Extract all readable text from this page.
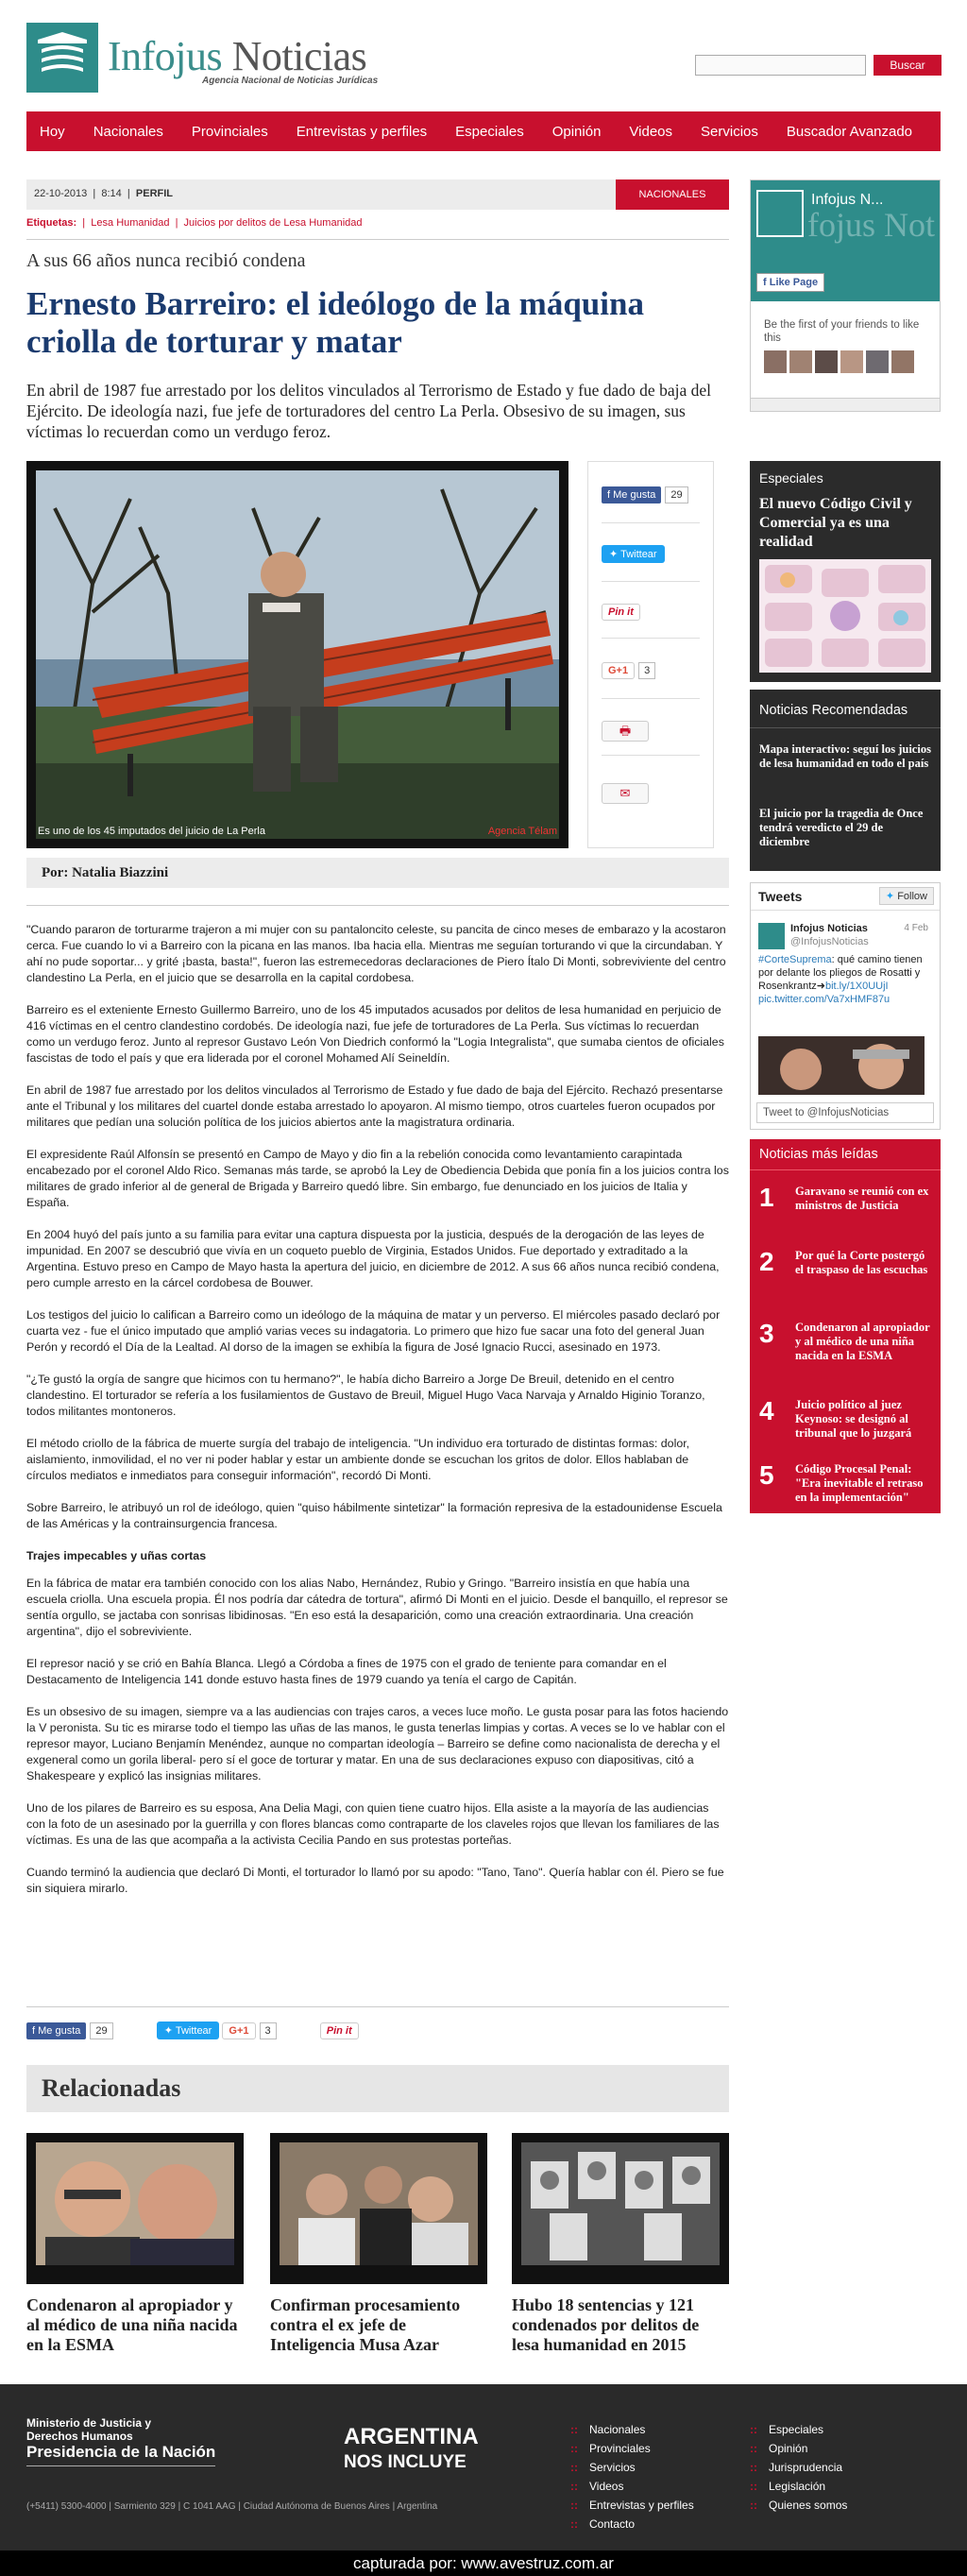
Infojus Noticias
Agencia Nacional de Noticias Jurídicas
Buscar
Hoy Nacionales Provinciales Entrevistas y perfiles Especiales Opinión Videos Servicios Buscador Avanzado
22-10-2013  |  8:14  |  PERFIL	NACIONALES
Etiquetas:  |  Lesa Humanidad  |  Juicios por delitos de Lesa Humanidad
A sus 66 años nunca recibió condena
Ernesto Barreiro: el ideólogo de la máquina criolla de torturar y matar
En abril de 1987 fue arrestado por los delitos vinculados al Terrorismo de Estado y fue dado de baja del Ejército. De ideología nazi, fue jefe de torturadores del centro La Perla. Obsesivo de su imagen, sus víctimas lo recuerdan como un verdugo feroz.
Es uno de los 45 imputados del juicio de La Perla	Agencia Télam
f Me gusta 29
✦ Twittear
Pin it
G+1 3
🖶
✉
Por: Natalia Biazzini

"Cuando pararon de torturarme trajeron a mi mujer con su pantaloncito celeste, su pancita de cinco meses de embarazo y la acostaron cerca. Fue cuando lo vi a Barreiro con la picana en las manos. Iba hacia ella. Mientras me seguían torturando vi que la circundaban. Y ahí no pude soportar... y grité ¡basta, basta!", fueron las estremecedoras declaraciones de Piero Ítalo Di Monti, sobreviviente del centro clandestino La Perla, en el juicio que se desarrolla en la capital cordobesa.

Barreiro es el exteniente Ernesto Guillermo Barreiro, uno de los 45 imputados acusados por delitos de lesa humanidad en perjuicio de 416 víctimas en el centro clandestino cordobés. De ideología nazi, fue jefe de torturadores de La Perla. Sus víctimas lo recuerdan como un verdugo feroz. Junto al represor Gustavo León Von Diedrich conformó la "Logia Integralista", que sumaba cientos de oficiales fascistas de todo el país y que era liderada por el coronel Mohamed Alí Seineldín.

En abril de 1987 fue arrestado por los delitos vinculados al Terrorismo de Estado y fue dado de baja del Ejército. Rechazó presentarse ante el Tribunal y los militares del cuartel donde estaba arrestado lo apoyaron. Al mismo tiempo, otros cuarteles fueron ocupados por militares que pedían una solución política de los juicios abiertos ante la magistratura ordinaria.

El expresidente Raúl Alfonsín se presentó en Campo de Mayo y dio fin a la rebelión conocida como levantamiento carapintada encabezado por el coronel Aldo Rico. Semanas más tarde, se aprobó la Ley de Obediencia Debida que ponía fin a los juicios contra los militares de grado inferior al de general de Brigada y Barreiro quedó libre. Sin embargo, fue denunciado en los juicios de Italia y España.

En 2004 huyó del país junto a su familia para evitar una captura dispuesta por la justicia, después de la derogación de las leyes de impunidad. En 2007 se descubrió que vivía en un coqueto pueblo de Virginia, Estados Unidos. Fue deportado y extraditado a la Argentina. Estuvo preso en Campo de Mayo hasta la apertura del juicio, en diciembre de 2012. A sus 66 años nunca recibió condena, pero cumple arresto en la cárcel cordobesa de Bouwer.

Los testigos del juicio lo califican a Barreiro como un ideólogo de la máquina de matar y un perverso. El miércoles pasado declaró por cuarta vez - fue el único imputado que amplió varias veces su indagatoria. Lo primero que hizo fue sacar una foto del general Juan Perón y recordó el Día de la Lealtad. Al dorso de la imagen se exhibía la figura de José Ignacio Rucci, asesinado en 1973.

"¿Te gustó la orgía de sangre que hicimos con tu hermano?", le había dicho Barreiro a Jorge De Breuil, detenido en el centro clandestino. El torturador se refería a los fusilamientos de Gustavo de Breuil, Miguel Hugo Vaca Narvaja y Arnaldo Higinio Toranzo, todos militantes montoneros.

El método criollo de la fábrica de muerte surgía del trabajo de inteligencia. "Un individuo era torturado de distintas formas: dolor, aislamiento, inmovilidad, el no ver ni poder hablar y estar un ambiente donde se escuchan los gritos de dolor. Ellos hablaban de círculos mediatos e inmediatos para conseguir información", recordó Di Monti.

Sobre Barreiro, le atribuyó un rol de ideólogo, quien "quiso hábilmente sintetizar" la formación represiva de la estadounidense Escuela de las Américas y la contrainsurgencia francesa.

Trajes impecables y uñas cortas

En la fábrica de matar era también conocido con los alias Nabo, Hernández, Rubio y Gringo. "Barreiro insistía en que había una escuela criolla. Una escuela propia. Él nos podría dar cátedra de tortura", afirmó Di Monti en el juicio. Desde el banquillo, el represor se sentía orgullo, se jactaba con sonrisas libidinosas. "En eso está la desaparición, como una creación extraordinaria. Una creación argentina", dijo el sobreviviente.

El represor nació y se crió en Bahía Blanca. Llegó a Córdoba a fines de 1975 con el grado de teniente para comandar en el Destacamento de Inteligencia 141 donde estuvo hasta fines de 1979 cuando ya tenía el cargo de Capitán.

Es un obsesivo de su imagen, siempre va a las audiencias con trajes caros, a veces luce moño. Le gusta posar para las fotos haciendo la V peronista. Su tic es mirarse todo el tiempo las uñas de las manos, le gusta tenerlas limpias y cortas. A veces se lo ve hablar con el represor mayor, Luciano Benjamín Menéndez, aunque no compartan ideología – Barreiro se define como nacionalista de derecha y el exgeneral como un gorila liberal- pero sí el goce de torturar y matar. En una de sus declaraciones expuso con diapositivas, citó a Shakespeare y explicó las insignias militares.

Uno de los pilares de Barreiro es su esposa, Ana Delia Magi, con quien tiene cuatro hijos. Ella asiste a la mayoría de las audiencias con la foto de un asesinado por la guerrilla y con flores blancas como contraparte de los claveles rojos que llevan los familiares de las víctimas. Es una de las que acompaña a la activista Cecilia Pando en sus protestas porteñas.

Cuando terminó la audiencia que declaró Di Monti, el torturador lo llamó por su apodo: "Tano, Tano". Quería hablar con él. Piero se fue sin siquiera mirarlo.

f Me gusta 29	✦ Twittear G+1 3	Pin it
Relacionadas
Condenaron al apropiador y al médico de una niña nacida en la ESMA
Confirman procesamiento contra el ex jefe de Inteligencia Musa Azar
Hubo 18 sentencias y 121 condenados por delitos de lesa humanidad en 2015
fojus Not
Infojus N...
f Like Page
Be the first of your friends to like this
Especiales
El nuevo Código Civil y Comercial ya es una realidad
Noticias Recomendadas
Mapa interactivo: seguí los juicios de lesa humanidad en todo el país
El juicio por la tragedia de Once tendrá veredicto el 29 de diciembre
Tweets	✦ Follow
Infojus Noticias
@InfojusNoticias
4 Feb
#CorteSuprema: qué camino tienen por delante los pliegos de Rosatti y Rosenkrantz➜bit.ly/1X0UUjI
pic.twitter.com/Va7xHMF87u
Tweet to @InfojusNoticias
Noticias más leídas
1 Garavano se reunió con ex ministros de Justicia
2 Por qué la Corte postergó el traspaso de las escuchas
3 Condenaron al apropiador y al médico de una niña nacida en la ESMA
4 Juicio político al juez Keynoso: se designó al tribunal que lo juzgará
5 Código Procesal Penal: "Era inevitable el retraso en la implementación"
Ministerio de Justicia y Derechos Humanos
Presidencia de la Nación
ARGENTINA
NOS INCLUYE
(+5411) 5300-4000 | Sarmiento 329 | C 1041 AAG | Ciudad Autónoma de Buenos Aires | Argentina
:: Nacionales
:: Provinciales
:: Servicios
:: Videos
:: Entrevistas y perfiles
:: Contacto
:: Especiales
:: Opinión
:: Jurisprudencia
:: Legislación
:: Quienes somos
capturada por: www.avestruz.com.ar
